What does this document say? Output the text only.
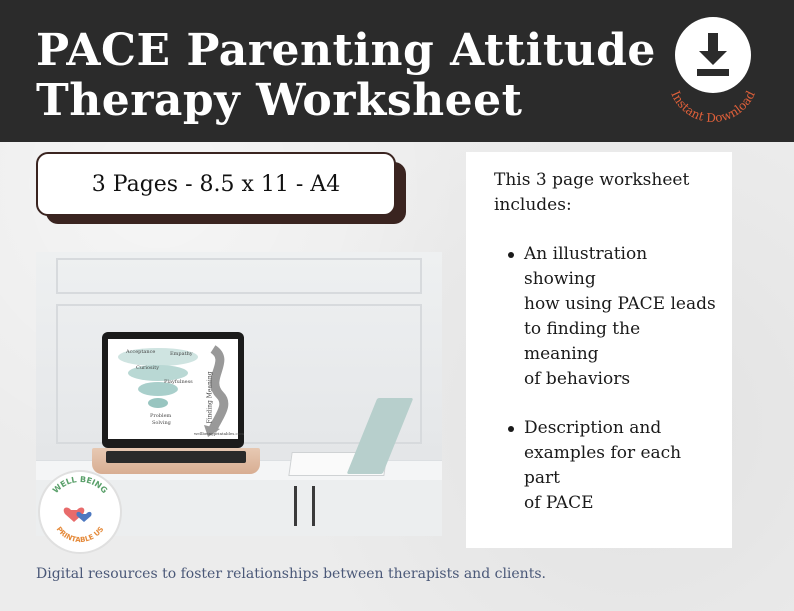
PACE Parenting Attitude
Therapy Worksheet	Instant Download
3 Pages - 8.5 x 11 - A4
Acceptance	Empathy
Curiosity
Playfulness
Problem
Solving	Finding Meaning
wellbeingprintables.com
WELL BEING
PRINTABLE US
This 3 page worksheet
includes:
An illustration showing
how using PACE leads
to finding the meaning
of behaviors
Description and
examples for each part
of PACE
Digital resources to foster relationships between therapists and clients.
